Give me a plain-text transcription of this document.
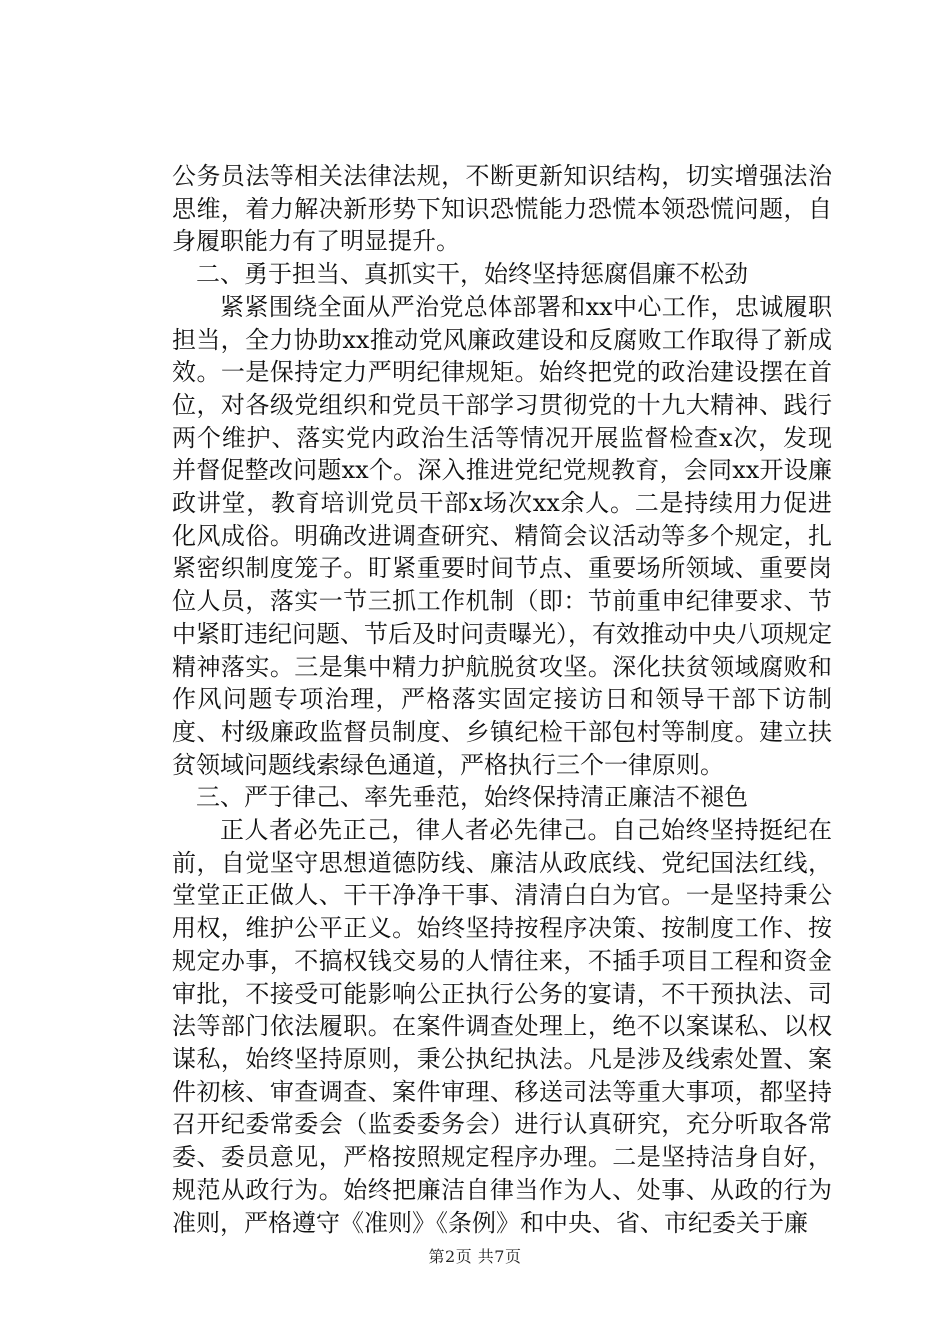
公务员法等相关法律法规，不断更新知识结构，切实增强法治思维，着力解决新形势下知识恐慌能力恐慌本领恐慌问题，自身履职能力有了明显提升。

二、勇于担当、真抓实干，始终坚持惩腐倡廉不松劲

紧紧围绕全面从严治党总体部署和xx中心工作，忠诚履职担当，全力协助xx推动党风廉政建设和反腐败工作取得了新成效。一是保持定力严明纪律规矩。始终把党的政治建设摆在首位，对各级党组织和党员干部学习贯彻党的十九大精神、践行两个维护、落实党内政治生活等情况开展监督检查x次，发现并督促整改问题xx个。深入推进党纪党规教育，会同xx开设廉政讲堂，教育培训党员干部x场次xx余人。二是持续用力促进化风成俗。明确改进调查研究、精简会议活动等多个规定，扎紧密织制度笼子。盯紧重要时间节点、重要场所领域、重要岗位人员，落实一节三抓工作机制（即：节前重申纪律要求、节中紧盯违纪问题、节后及时问责曝光），有效推动中央八项规定精神落实。三是集中精力护航脱贫攻坚。深化扶贫领域腐败和作风问题专项治理，严格落实固定接访日和领导干部下访制度、村级廉政监督员制度、乡镇纪检干部包村等制度。建立扶贫领域问题线索绿色通道，严格执行三个一律原则。

三、严于律己、率先垂范，始终保持清正廉洁不褪色

正人者必先正己，律人者必先律己。自己始终坚持挺纪在前，自觉坚守思想道德防线、廉洁从政底线、党纪国法红线，堂堂正正做人、干干净净干事、清清白白为官。一是坚持秉公用权，维护公平正义。始终坚持按程序决策、按制度工作、按规定办事，不搞权钱交易的人情往来，不插手项目工程和资金审批，不接受可能影响公正执行公务的宴请，不干预执法、司法等部门依法履职。在案件调查处理上，绝不以案谋私、以权谋私，始终坚持原则，秉公执纪执法。凡是涉及线索处置、案件初核、审查调查、案件审理、移送司法等重大事项，都坚持召开纪委常委会（监委委务会）进行认真研究，充分听取各常委、委员意见，严格按照规定程序办理。二是坚持洁身自好，规范从政行为。始终把廉洁自律当作为人、处事、从政的行为准则，严格遵守《准则》《条例》和中央、省、市纪委关于廉

第2页 共7页
